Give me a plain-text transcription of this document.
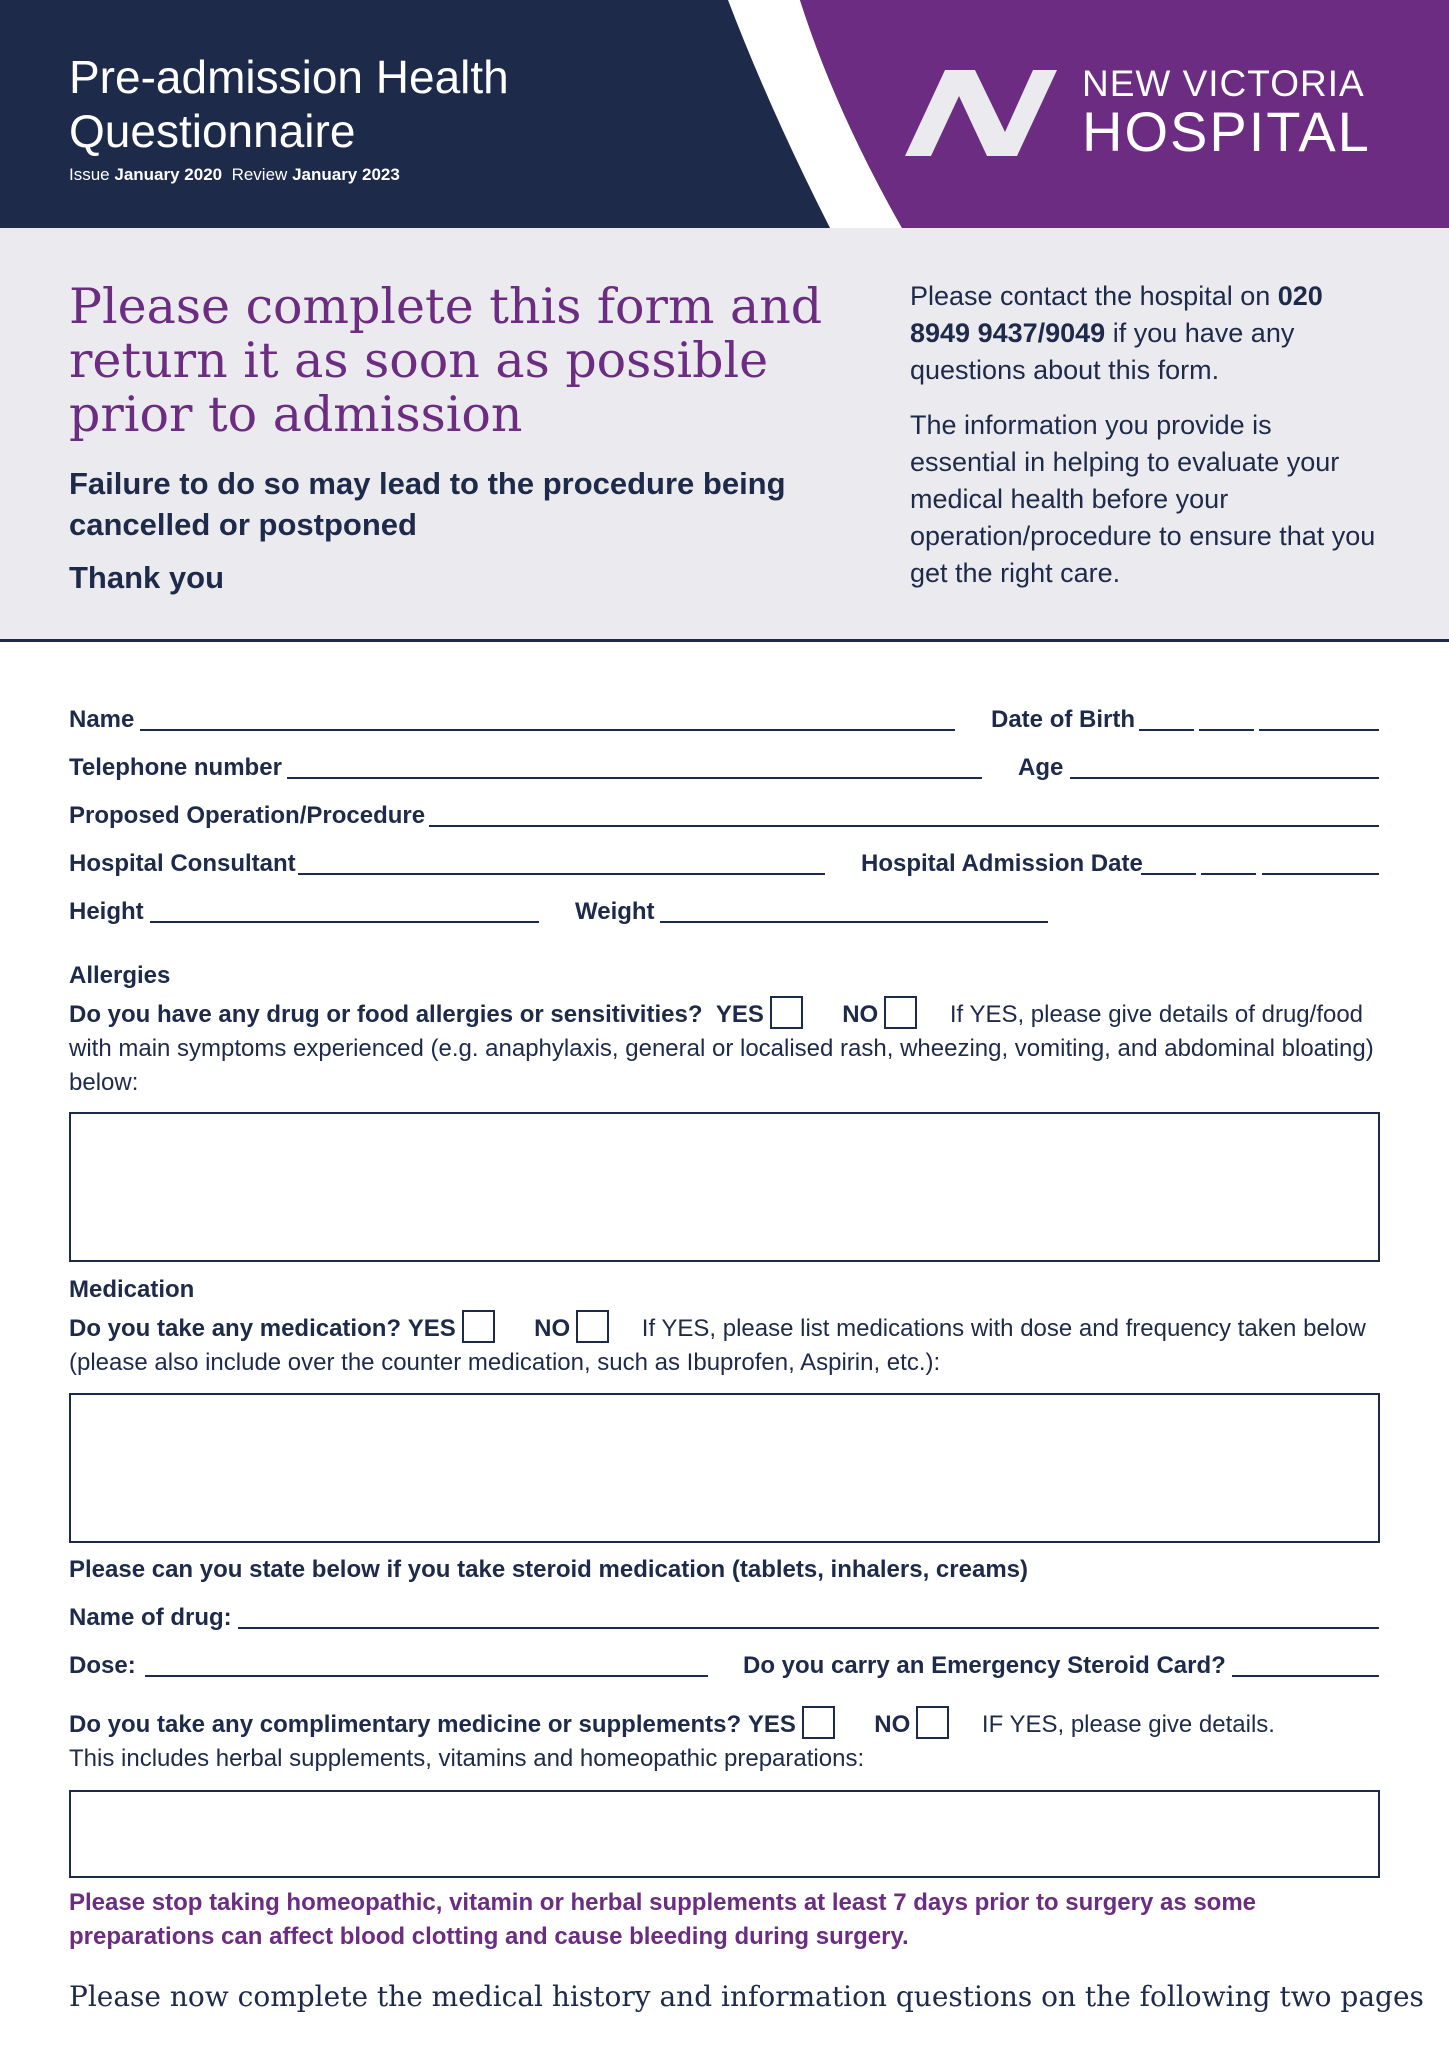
Pre-admission Health
Questionnaire
Issue January 2020 Review January 2023
NEW VICTORIA
HOSPITAL
Please complete this form and return it as soon as possible prior to admission
Failure to do so may lead to the procedure being cancelled or postponed
Thank you

Please contact the hospital on 020 8949 9437/9049 if you have any questions about this form.

The information you provide is essential in helping to evaluate your medical health before your operation/procedure to ensure that you get the right care.

Name	Date of Birth
Telephone number	Age
Proposed Operation/Procedure
Hospital Consultant	Hospital Admission Date
Height	Weight
Allergies
Do you have any drug or food allergies or sensitivities? YES	NO	If YES, please give details of drug/food with main symptoms experienced (e.g. anaphylaxis, general or localised rash, wheezing, vomiting, and abdominal bloating) below:
Medication
Do you take any medication? YES	NO	If YES, please list medications with dose and frequency taken below (please also include over the counter medication, such as Ibuprofen, Aspirin, etc.):
Please can you state below if you take steroid medication (tablets, inhalers, creams)
Name of drug:
Dose:	Do you carry an Emergency Steroid Card?
Do you take any complimentary medicine or supplements? YES	NO	IF YES, please give details.
This includes herbal supplements, vitamins and homeopathic preparations:
Please stop taking homeopathic, vitamin or herbal supplements at least 7 days prior to surgery as some preparations can affect blood clotting and cause bleeding during surgery.
Please now complete the medical history and information questions on the following two pages
